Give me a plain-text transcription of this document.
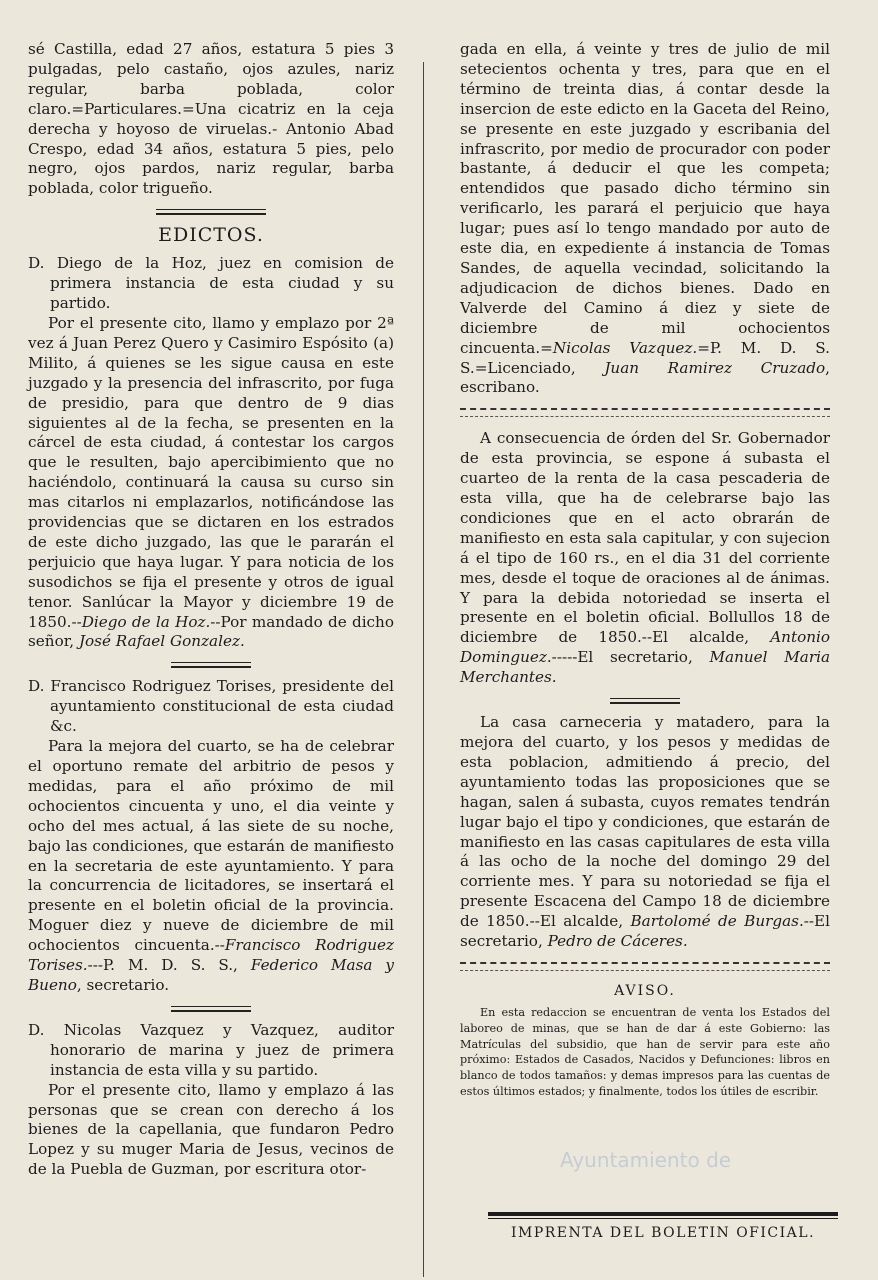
sé Castilla, edad 27 años, estatura 5 pies 3 pulgadas, pelo castaño, ojos azules, nariz regular, barba poblada, color claro.=Particulares.=Una cicatriz en la ceja derecha y hoyoso de viruelas.- Antonio Abad Crespo, edad 34 años, estatura 5 pies, pelo negro, ojos pardos, nariz regular, barba poblada, color trigueño.

EDICTOS.

D. Diego de la Hoz, juez en comision de primera instancia de esta ciudad y su partido.

Por el presente cito, llamo y emplazo por 2ª vez á Juan Perez Quero y Casimiro Espósito (a) Milito, á quienes se les sigue causa en este juzgado y la presencia del infrascrito, por fuga de presidio, para que dentro de 9 dias siguientes al de la fecha, se presenten en la cárcel de esta ciudad, á contestar los cargos que le resulten, bajo apercibimiento que no haciéndolo, continuará la causa su curso sin mas citarlos ni emplazarlos, notificándose las providencias que se dictaren en los estrados de este dicho juzgado, las que le pararán el perjuicio que haya lugar. Y para noticia de los susodichos se fija el presente y otros de igual tenor. Sanlúcar la Mayor y diciembre 19 de 1850.--Diego de la Hoz.--Por mandado de dicho señor, José Rafael Gonzalez.

D. Francisco Rodriguez Torises, presidente del ayuntamiento constitucional de esta ciudad &c.

Para la mejora del cuarto, se ha de celebrar el oportuno remate del arbitrio de pesos y medidas, para el año próximo de mil ochocientos cincuenta y uno, el dia veinte y ocho del mes actual, á las siete de su noche, bajo las condiciones, que estarán de manifiesto en la secretaria de este ayuntamiento. Y para la concurrencia de licitadores, se insertará el presente en el boletin oficial de la provincia. Moguer diez y nueve de diciembre de mil ochocientos cincuenta.--Francisco Rodriguez Torises.---P. M. D. S. S., Federico Masa y Bueno, secretario.

D. Nicolas Vazquez y Vazquez, auditor honorario de marina y juez de primera instancia de esta villa y su partido.

Por el presente cito, llamo y emplazo á las personas que se crean con derecho á los bienes de la capellania, que fundaron Pedro Lopez y su muger Maria de Jesus, vecinos de de la Puebla de Guzman, por escritura otor-

gada en ella, á veinte y tres de julio de mil setecientos ochenta y tres, para que en el término de treinta dias, á contar desde la insercion de este edicto en la Gaceta del Reino, se presente en este juzgado y escribania del infrascrito, por medio de procurador con poder bastante, á deducir el que les competa; entendidos que pasado dicho término sin verificarlo, les parará el perjuicio que haya lugar; pues así lo tengo mandado por auto de este dia, en expediente á instancia de Tomas Sandes, de aquella vecindad, solicitando la adjudicacion de dichos bienes. Dado en Valverde del Camino á diez y siete de diciembre de mil ochocientos cincuenta.=Nicolas Vazquez.=P. M. D. S. S.=Licenciado, Juan Ramirez Cruzado, escribano.

A consecuencia de órden del Sr. Gobernador de esta provincia, se espone á subasta el cuarteo de la renta de la casa pescaderia de esta villa, que ha de celebrarse bajo las condiciones que en el acto obrarán de manifiesto en esta sala capitular, y con sujecion á el tipo de 160 rs., en el dia 31 del corriente mes, desde el toque de oraciones al de ánimas. Y para la debida notoriedad se inserta el presente en el boletin oficial. Bollullos 18 de diciembre de 1850.--El alcalde, Antonio Dominguez.-----El secretario, Manuel Maria Merchantes.

La casa carneceria y matadero, para la mejora del cuarto, y los pesos y medidas de esta poblacion, admitiendo á precio, del ayuntamiento todas las proposiciones que se hagan, salen á subasta, cuyos remates tendrán lugar bajo el tipo y condiciones, que estarán de manifiesto en las casas capitulares de esta villa á las ocho de la noche del domingo 29 del corriente mes. Y para su notoriedad se fija el presente Escacena del Campo 18 de diciembre de 1850.--El alcalde, Bartolomé de Burgas.--El secretario, Pedro de Cáceres.

AVISO.

En esta redaccion se encuentran de venta los Estados del laboreo de minas, que se han de dar á este Gobierno: las Matrículas del subsidio, que han de servir para este año próximo: Estados de Casados, Nacidos y Defunciones: libros en blanco de todos tamaños: y demas impresos para las cuentas de estos últimos estados; y finalmente, todos los útiles de escribir.

Ayuntamiento de
IMPRENTA DEL BOLETIN OFICIAL.
